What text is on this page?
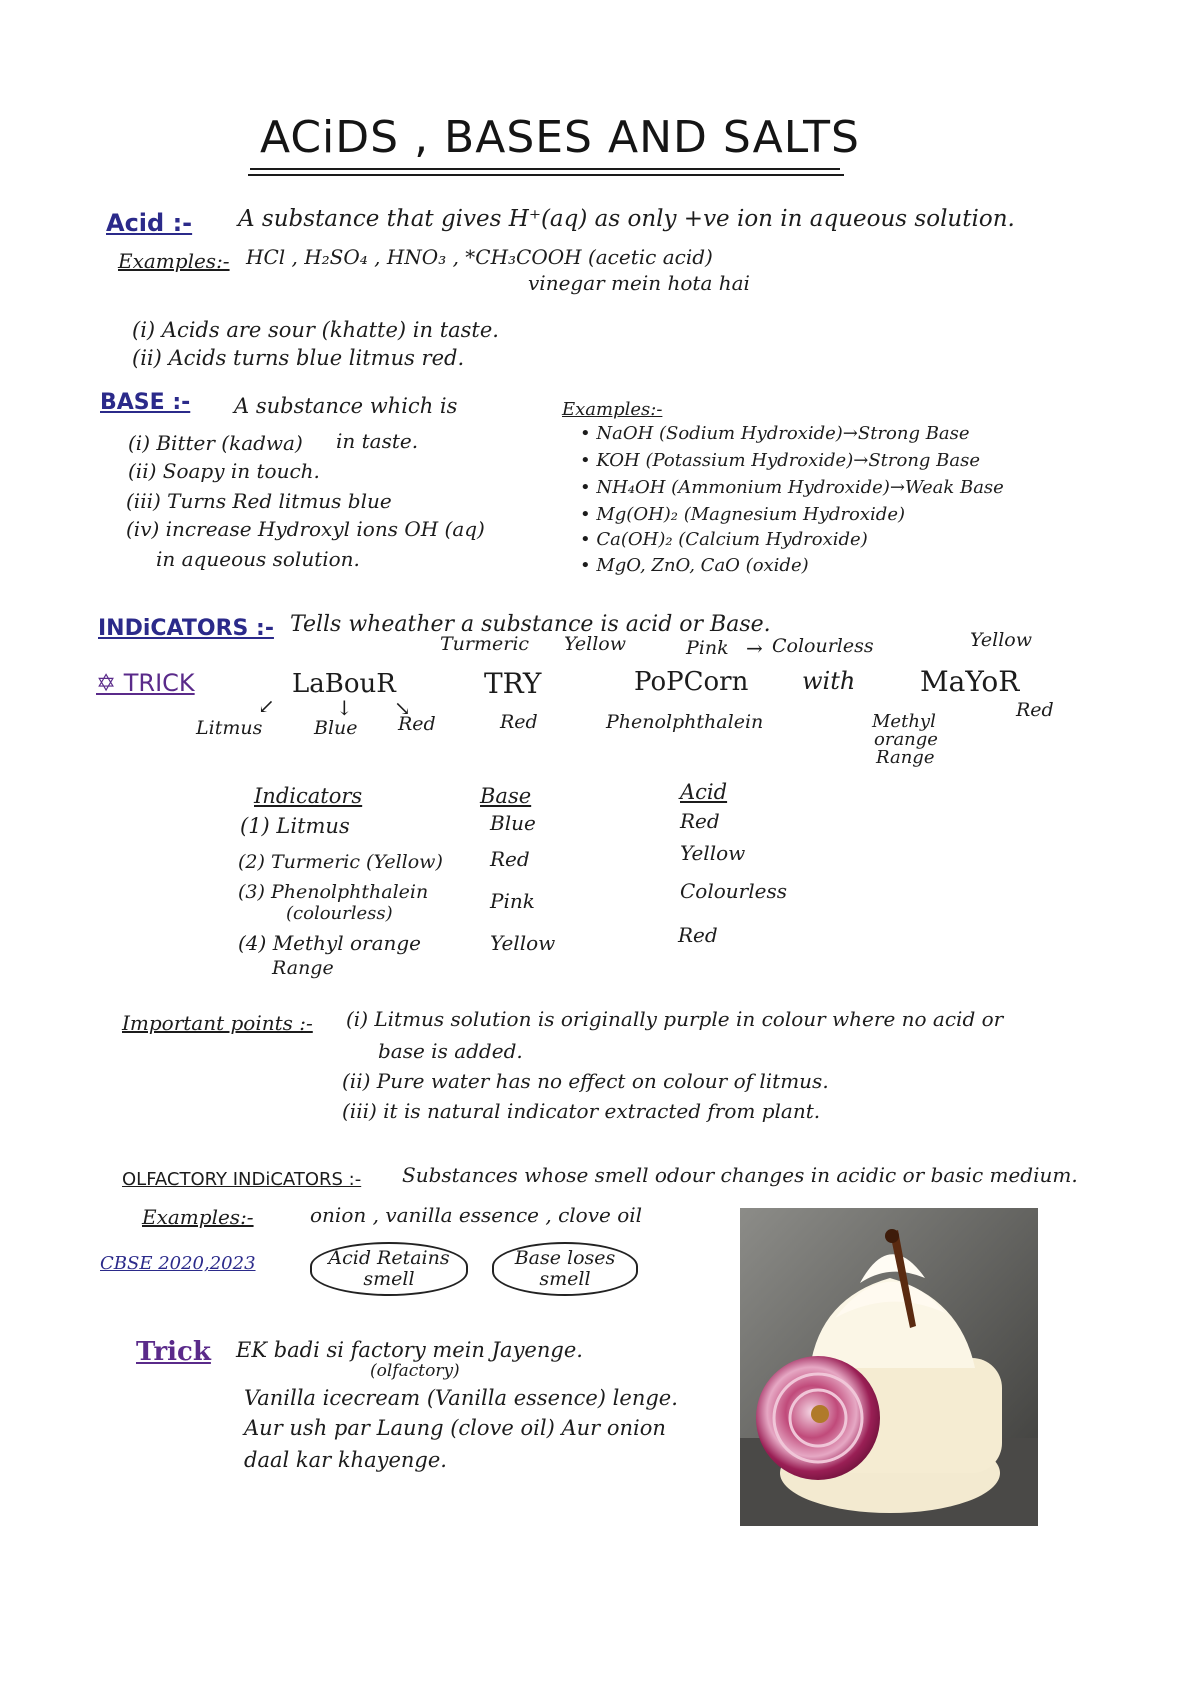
ACiDS , BASES AND SALTS
Acid :- A substance that gives H⁺(aq) as only +ve ion in aqueous solution.
Examples:- HCl , H₂SO₄ , HNO₃ , *CH₃COOH (acetic acid)
vinegar mein hota hai
(i) Acids are sour (khatte) in taste.
(ii) Acids turns blue litmus red.
BASE :- A substance which is
(i) Bitter (kadwa) in taste.
(ii) Soapy in touch.
(iii) Turns Red litmus blue
(iv) increase Hydroxyl ions OH (aq)
in aqueous solution.
Examples:-
• NaOH (Sodium Hydroxide)→Strong Base
• KOH (Potassium Hydroxide)→Strong Base
• NH₄OH (Ammonium Hydroxide)→Weak Base
• Mg(OH)₂ (Magnesium Hydroxide)
• Ca(OH)₂ (Calcium Hydroxide)
• MgO, ZnO, CaO (oxide)
INDiCATORS :- Tells wheather a substance is acid or Base.
✡ TRICK	LaBouR
Litmus	Blue Red
↙	↓ ↘
Turmeric Yellow
TRY
Red
Pink Colourless
→
PoPCorn
Phenolphthalein
with
Yellow
MaYoR
Red
Methyl
orange
Range
Indicators	Base	Acid
(1) Litmus	Blue	Red
(2) Turmeric (Yellow) Red	Yellow
(3) Phenolphthalein
(colourless)
Pink	Colourless
(4) Methyl orange
Range
Yellow	Red
Important points :- (i) Litmus solution is originally purple in colour where no acid or
base is added.
(ii) Pure water has no effect on colour of litmus.
(iii) it is natural indicator extracted from plant.
OLFACTORY INDiCATORS :- Substances whose smell odour changes in acidic or basic medium.
Examples:-	onion , vanilla essence , clove oil
CBSE 2020,2023	Acid Retains smell
Base loses smell
Trick EK badi si factory mein Jayenge.
(olfactory)
Vanilla icecream (Vanilla essence) lenge.
Aur ush par Laung (clove oil) Aur onion
daal kar khayenge.
